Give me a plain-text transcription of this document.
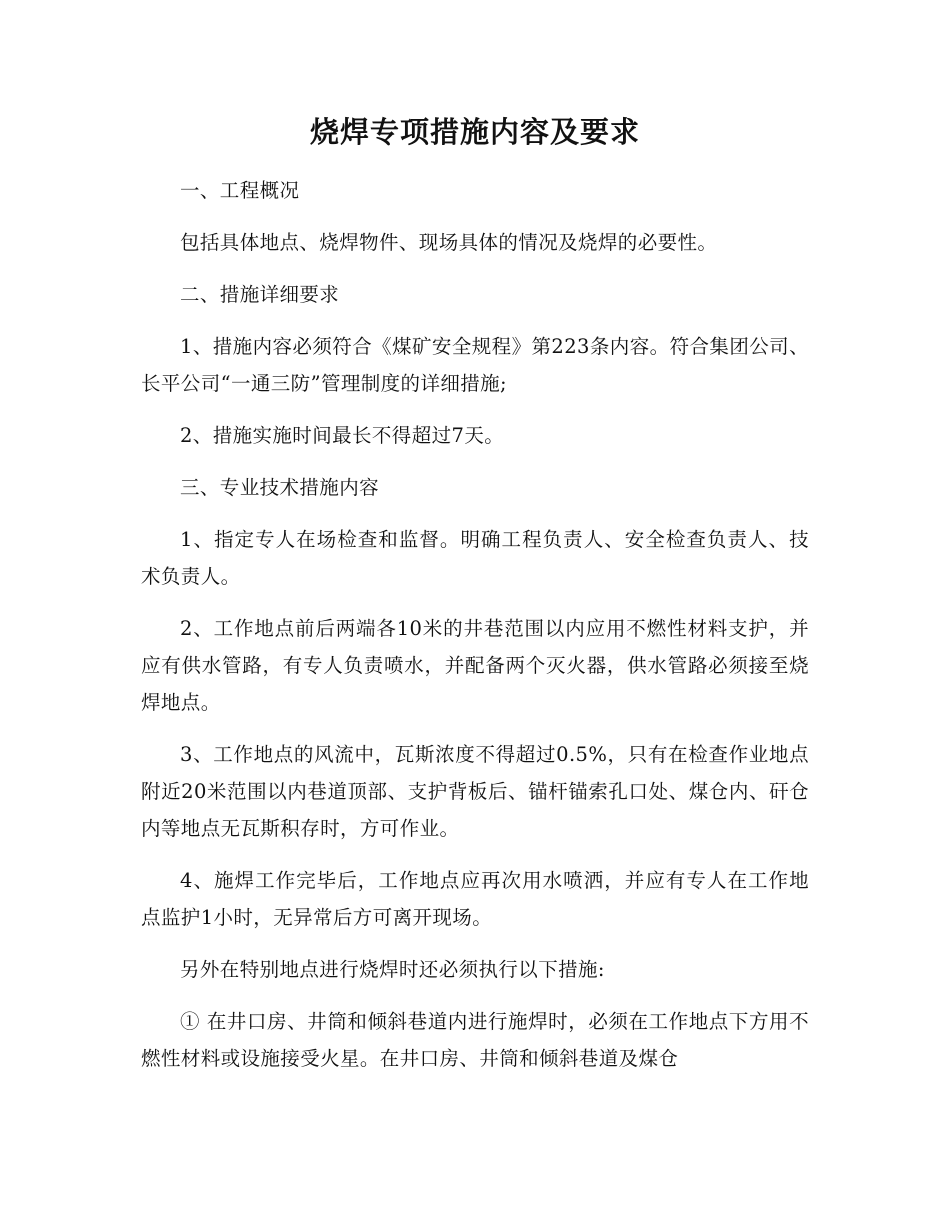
烧焊专项措施内容及要求

一、工程概况

包括具体地点、烧焊物件、现场具体的情况及烧焊的必要性。

二、措施详细要求

1、措施内容必须符合《煤矿安全规程》第223条内容。符合集团公司、长平公司“一通三防”管理制度的详细措施;

2、措施实施时间最长不得超过7天。

三、专业技术措施内容

1、指定专人在场检查和监督。明确工程负责人、安全检查负责人、技术负责人。

2、工作地点前后两端各10米的井巷范围以内应用不燃性材料支护，并应有供水管路，有专人负责喷水，并配备两个灭火器，供水管路必须接至烧焊地点。

3、工作地点的风流中，瓦斯浓度不得超过0.5%，只有在检查作业地点附近20米范围以内巷道顶部、支护背板后、锚杆锚索孔口处、煤仓内、矸仓内等地点无瓦斯积存时，方可作业。

4、施焊工作完毕后，工作地点应再次用水喷洒，并应有专人在工作地点监护1小时，无异常后方可离开现场。

另外在特别地点进行烧焊时还必须执行以下措施:

① 在井口房、井筒和倾斜巷道内进行施焊时，必须在工作地点下方用不燃性材料或设施接受火星。在井口房、井筒和倾斜巷道及煤仓
